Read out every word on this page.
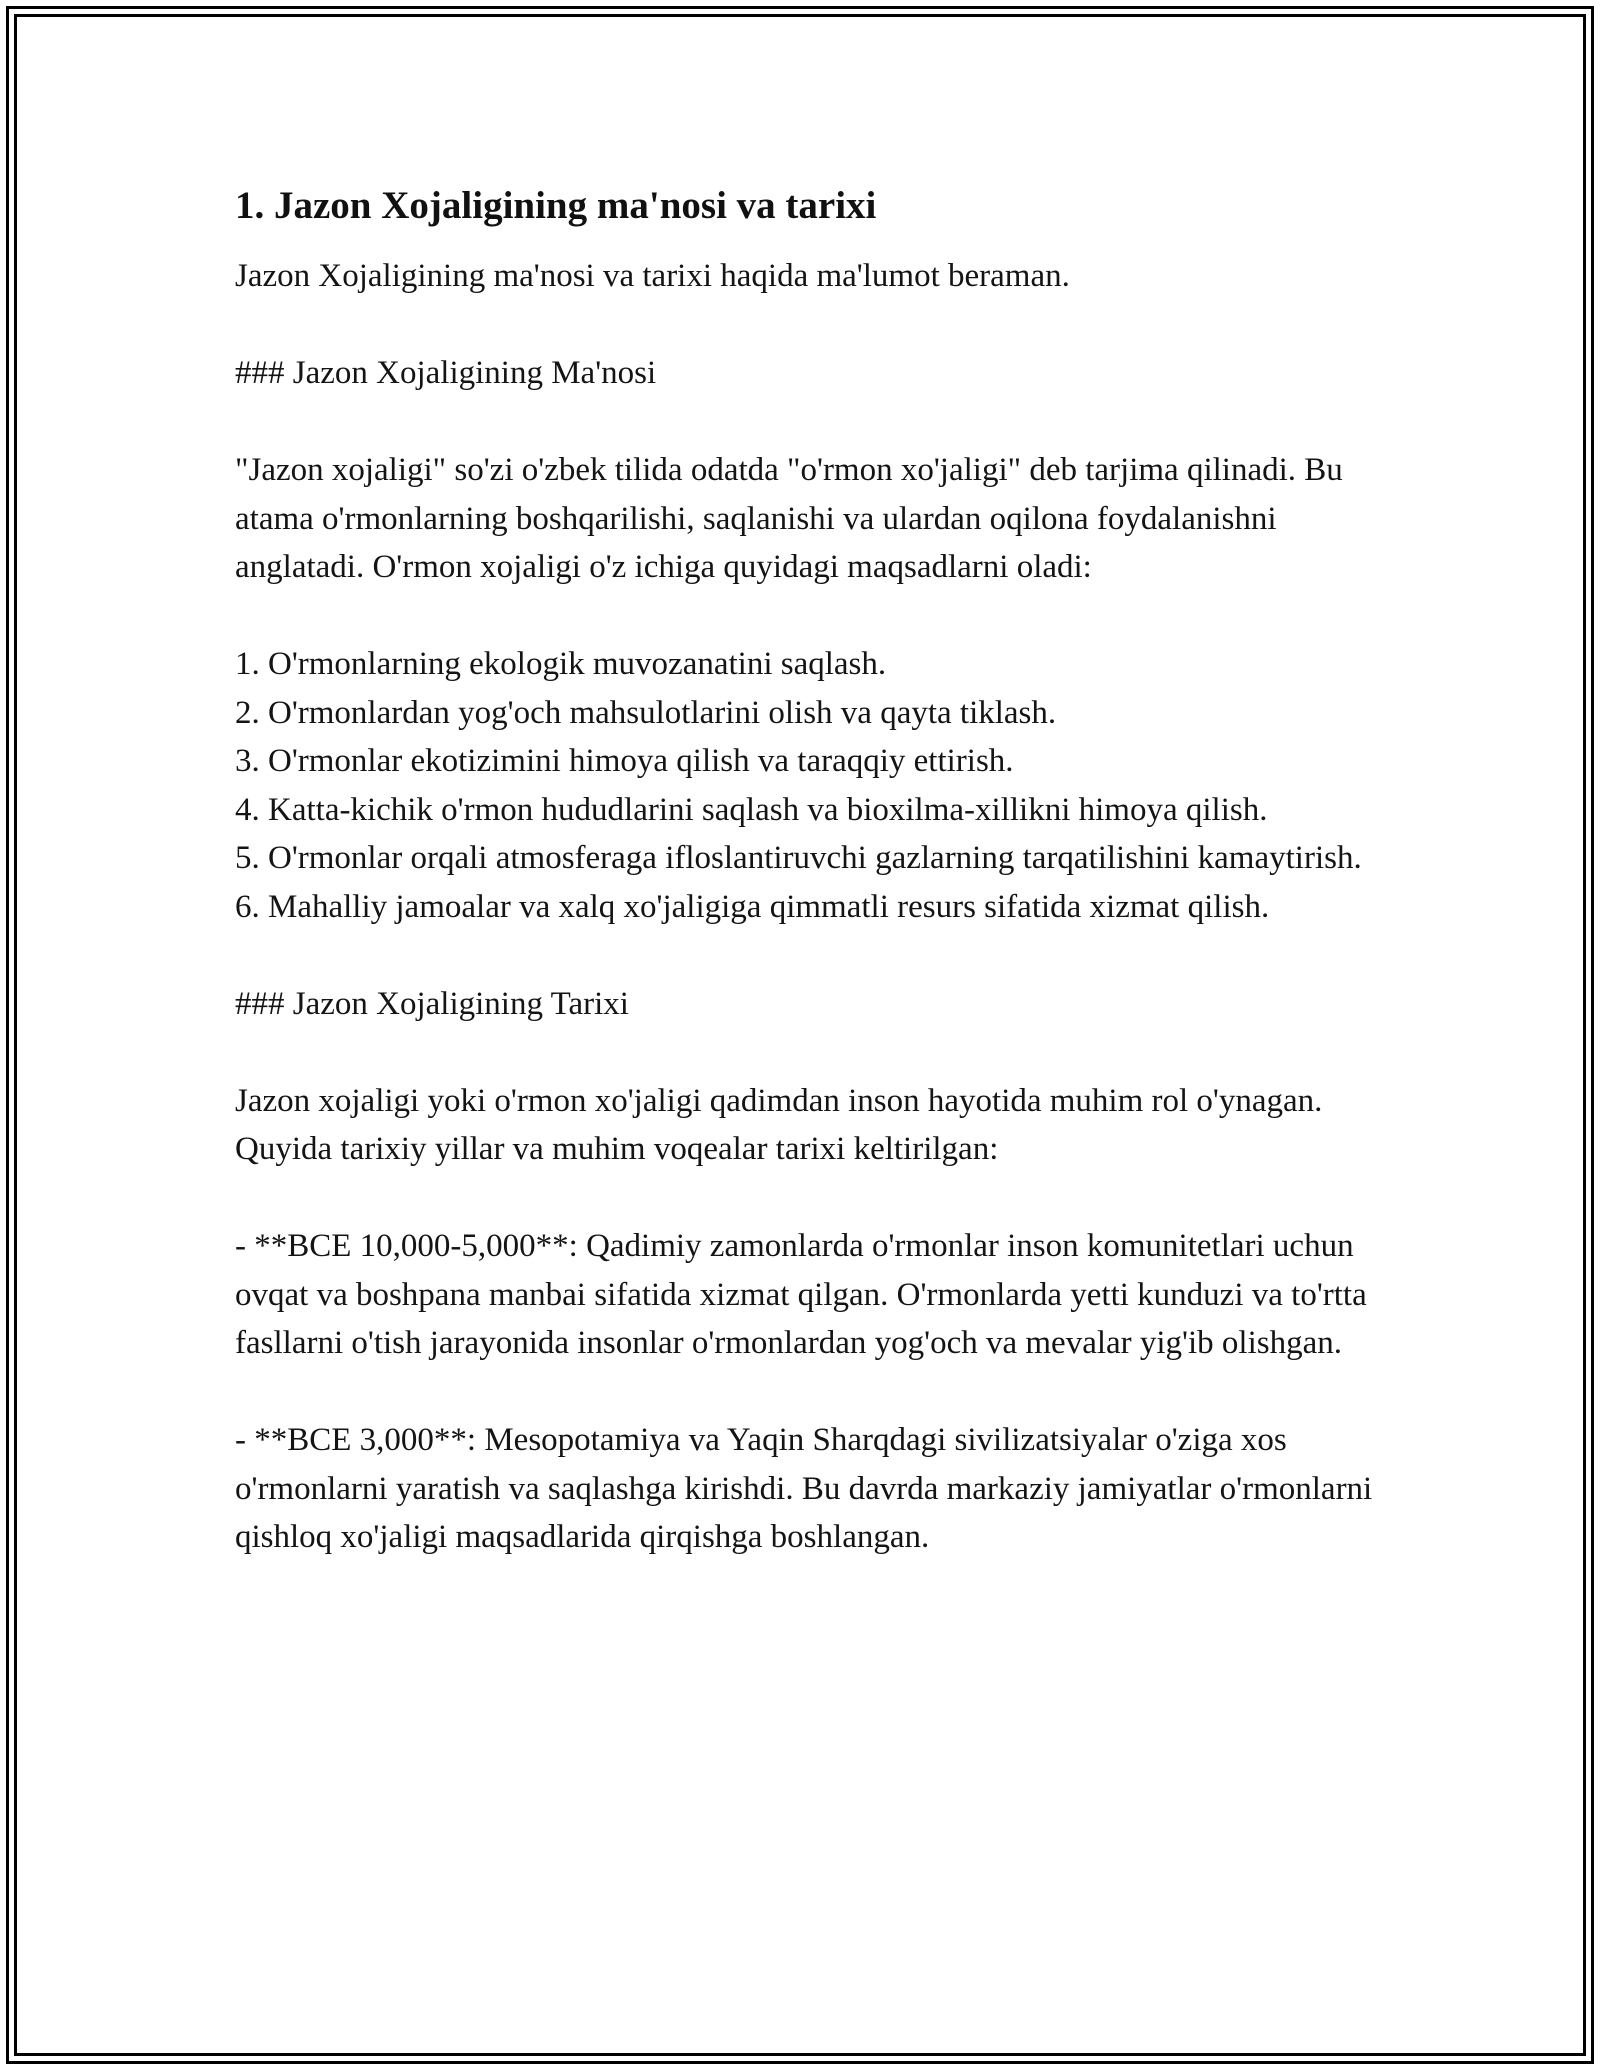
1. Jazon Xojaligining ma'nosi va tarixi

Jazon Xojaligining ma'nosi va tarixi haqida ma'lumot beraman.

### Jazon Xojaligining Ma'nosi

"Jazon xojaligi" so'zi o'zbek tilida odatda "o'rmon xo'jaligi" deb tarjima qilinadi. Bu atama o'rmonlarning boshqarilishi, saqlanishi va ulardan oqilona foydalanishni anglatadi. O'rmon xojaligi o'z ichiga quyidagi maqsadlarni oladi:

1. O'rmonlarning ekologik muvozanatini saqlash.

2. O'rmonlardan yog'och mahsulotlarini olish va qayta tiklash.

3. O'rmonlar ekotizimini himoya qilish va taraqqiy ettirish.

4. Katta-kichik o'rmon hududlarini saqlash va bioxilma-xillikni himoya qilish.

5. O'rmonlar orqali atmosferaga ifloslantiruvchi gazlarning tarqatilishini kamaytirish.

6. Mahalliy jamoalar va xalq xo'jaligiga qimmatli resurs sifatida xizmat qilish.

### Jazon Xojaligining Tarixi

Jazon xojaligi yoki o'rmon xo'jaligi qadimdan inson hayotida muhim rol o'ynagan. Quyida tarixiy yillar va muhim voqealar tarixi keltirilgan:

- **BCE 10,000-5,000**: Qadimiy zamonlarda o'rmonlar inson komunitetlari uchun ovqat va boshpana manbai sifatida xizmat qilgan. O'rmonlarda yetti kunduzi va to'rtta fasllarni o'tish jarayonida insonlar o'rmonlardan yog'och va mevalar yig'ib olishgan.

- **BCE 3,000**: Mesopotamiya va Yaqin Sharqdagi sivilizatsiyalar o'ziga xos o'rmonlarni yaratish va saqlashga kirishdi. Bu davrda markaziy jamiyatlar o'rmonlarni qishloq xo'jaligi maqsadlarida qirqishga boshlangan.
